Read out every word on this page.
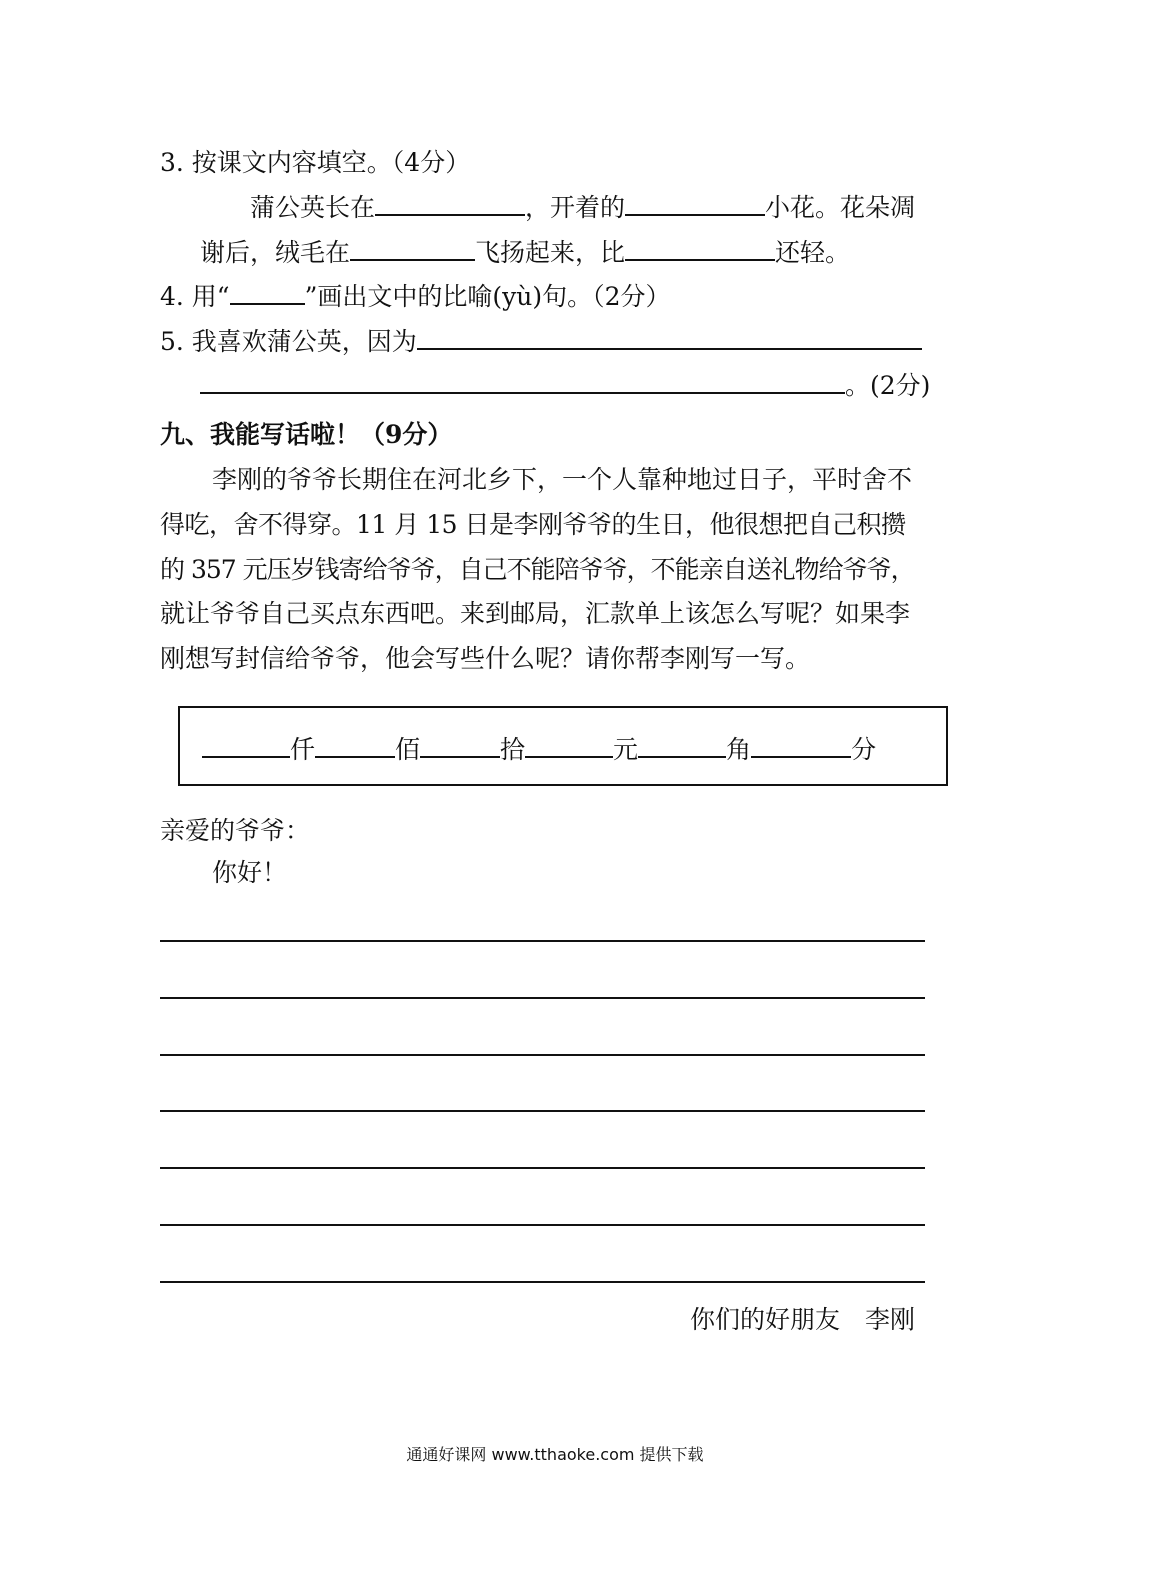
3. 按课文内容填空。（4分）
蒲公英长在	，开着的	小花。花朵凋
谢后，绒毛在	飞扬起来，比	还轻。
4. 用“	”画出文中的比喻(yù)句。（2分）
5. 我喜欢蒲公英，因为
。(2分)
九、我能写话啦！（9分）
李刚的爷爷长期住在河北乡下，一个人靠种地过日子，平时舍不
得吃，舍不得穿。11 月 15 日是李刚爷爷的生日，他很想把自己积攒
的 357 元压岁钱寄给爷爷，自己不能陪爷爷，不能亲自送礼物给爷爷，
就让爷爷自己买点东西吧。来到邮局，汇款单上该怎么写呢？如果李
刚想写封信给爷爷，他会写些什么呢？请你帮李刚写一写。
仟	佰	拾	元	角	分
亲爱的爷爷：
你好！
你们的好朋友　李刚
通通好课网 www.tthaoke.com 提供下载
